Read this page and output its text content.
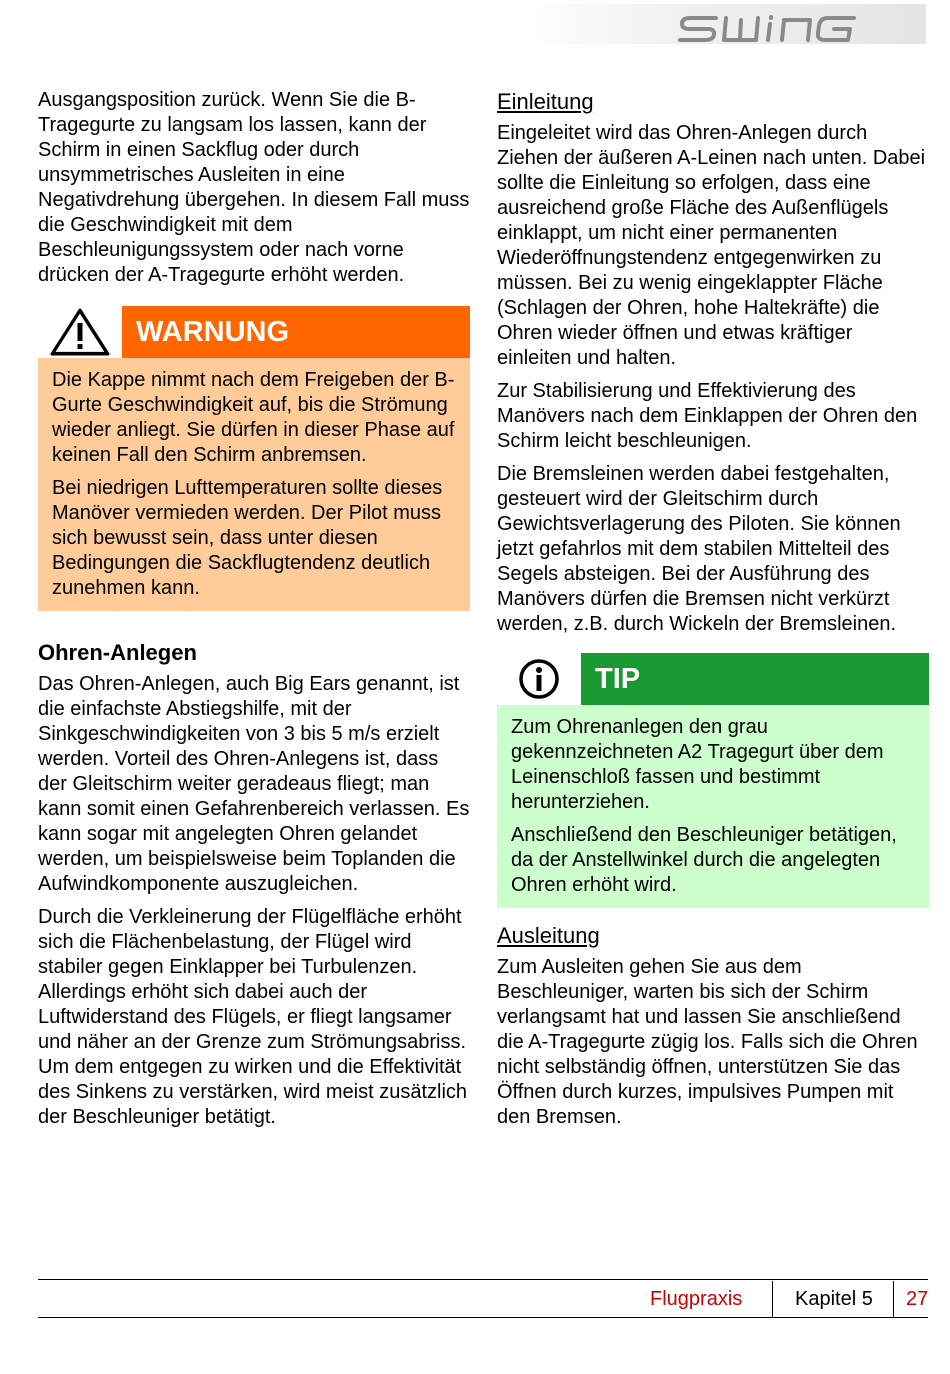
Ausgangsposition zurück. Wenn Sie die B-Tragegurte zu langsam los lassen, kann der Schirm in einen Sackflug oder durch unsymmetrisches Ausleiten in eine Negativdrehung übergehen. In diesem Fall muss die Geschwindigkeit mit dem Beschleunigungssystem oder nach vorne drücken der A-Tragegurte erhöht werden.

WARNUNG

Die Kappe nimmt nach dem Freigeben der B-Gurte Geschwindigkeit auf, bis die Strömung wieder anliegt. Sie dürfen in dieser Phase auf keinen Fall den Schirm anbremsen.

Bei niedrigen Lufttemperaturen sollte dieses Manöver vermieden werden. Der Pilot muss sich bewusst sein, dass unter diesen Bedingungen die Sackflugtendenz deutlich zunehmen kann.

Ohren-Anlegen

Das Ohren-Anlegen, auch Big Ears genannt, ist die einfachste Abstiegshilfe, mit der Sinkgeschwindigkeiten von 3 bis 5 m/s erzielt werden. Vorteil des Ohren-Anlegens ist, dass der Gleitschirm weiter geradeaus fliegt; man kann somit einen Gefahrenbereich verlassen. Es kann sogar mit angelegten Ohren gelandet werden, um beispielsweise beim Toplanden die Aufwindkomponente auszugleichen.

Durch die Verkleinerung der Flügelfläche erhöht sich die Flächenbelastung, der Flügel wird stabiler gegen Einklapper bei Turbulenzen. Allerdings erhöht sich dabei auch der Luftwiderstand des Flügels, er fliegt langsamer und näher an der Grenze zum Strömungsabriss. Um dem entgegen zu wirken und die Effektivität des Sinkens zu verstärken, wird meist zusätzlich der Beschleuniger betätigt.

Einleitung

Eingeleitet wird das Ohren-Anlegen durch Ziehen der äußeren A-Leinen nach unten. Dabei sollte die Einleitung so erfolgen, dass eine ausreichend große Fläche des Außenflügels einklappt, um nicht einer permanenten Wiederöffnungstendenz entgegenwirken zu müssen. Bei zu wenig eingeklappter Fläche (Schlagen der Ohren, hohe Haltekräfte) die Ohren wieder öffnen und etwas kräftiger einleiten und halten.

Zur Stabilisierung und Effektivierung des Manövers nach dem Einklappen der Ohren den Schirm leicht beschleunigen.

Die Bremsleinen werden dabei festgehalten, gesteuert wird der Gleitschirm durch Gewichtsverlagerung des Piloten. Sie können jetzt gefahrlos mit dem stabilen Mittelteil des Segels absteigen. Bei der Ausführung des Manövers dürfen die Bremsen nicht verkürzt werden, z.B. durch Wickeln der Bremsleinen.

TIP

Zum Ohrenanlegen den grau gekennzeichneten A2 Tragegurt über dem Leinenschloß fassen und bestimmt herunterziehen.

Anschließend den Beschleuniger betätigen, da der Anstellwinkel durch die angelegten Ohren erhöht wird.

Ausleitung

Zum Ausleiten gehen Sie aus dem Beschleuniger, warten bis sich der Schirm verlangsamt hat und lassen Sie anschließend die A-Tragegurte zügig los. Falls sich die Ohren nicht selbständig öffnen, unterstützen Sie das Öffnen durch kurzes, impulsives Pumpen mit den Bremsen.

Flugpraxis	Kapitel 5 27
